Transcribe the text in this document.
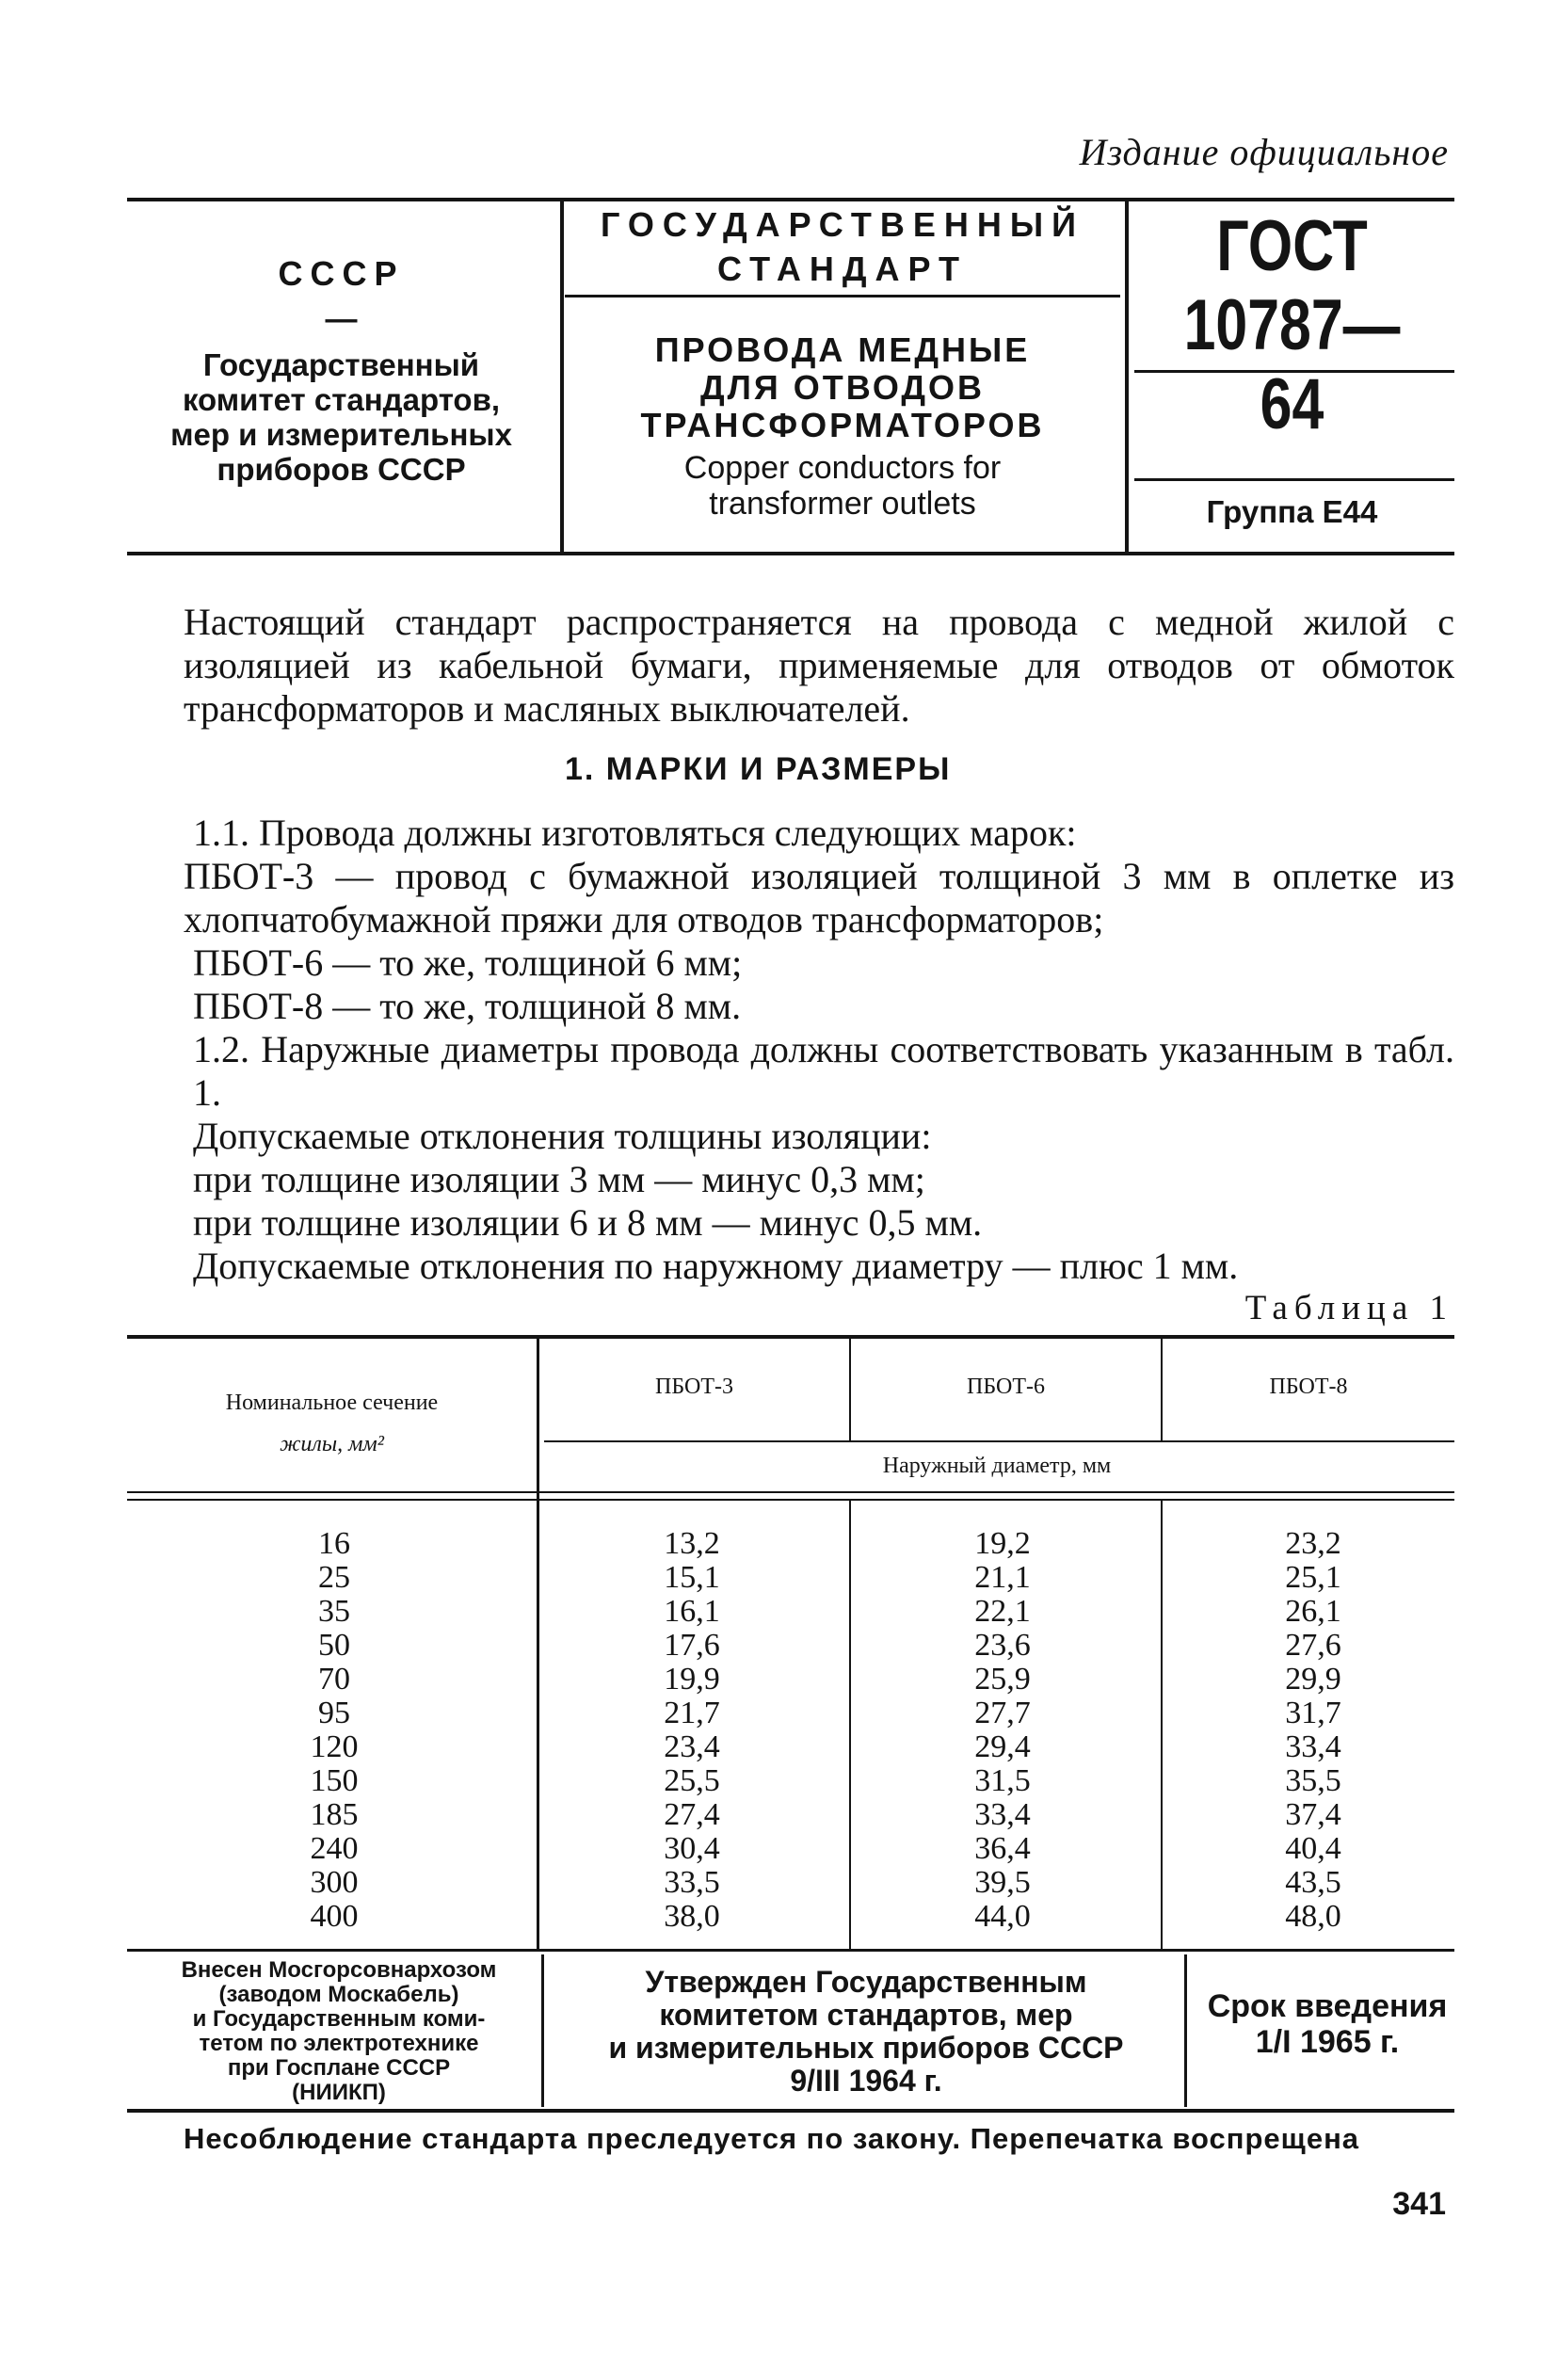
Издание официальное
СССР
—
Государственный
комитет стандартов,
мер и измерительных
приборов СССР
ГОСУДАРСТВЕННЫЙ
СТАНДАРТ
ПРОВОДА МЕДНЫЕ
ДЛЯ ОТВОДОВ
ТРАНСФОРМАТОРОВ
Copper conductors for
transformer outlets
ГОСТ
10787—64
Группа Е44
Настоящий стандарт распространяется на провода с медной жилой с изоляцией из кабельной бумаги, применяемые для отводов от обмоток трансформаторов и масляных выключателей.
1. МАРКИ И РАЗМЕРЫ
1.1. Провода должны изготовляться следующих марок:
ПБОТ-3 — провод с бумажной изоляцией толщиной 3 мм в оплетке из хлопчатобумажной пряжи для отводов трансформаторов;
ПБОТ-6 — то же, толщиной 6 мм;
ПБОТ-8 — то же, толщиной 8 мм.
1.2. Наружные диаметры провода должны соответствовать указанным в табл. 1.
Допускаемые отклонения толщины изоляции:
при толщине изоляции 3 мм — минус 0,3 мм;
при толщине изоляции 6 и 8 мм — минус 0,5 мм.
Допускаемые отклонения по наружному диаметру — плюс 1 мм.
Таблица 1
Номинальное сечение
жилы, мм²
ПБОТ-3	ПБОТ-6	ПБОТ-8
Наружный диаметр, мм
16
25
35
50
70
95
120
150
185
240
300
400
13,2
15,1
16,1
17,6
19,9
21,7
23,4
25,5
27,4
30,4
33,5
38,0
19,2
21,1
22,1
23,6
25,9
27,7
29,4
31,5
33,4
36,4
39,5
44,0
23,2
25,1
26,1
27,6
29,9
31,7
33,4
35,5
37,4
40,4
43,5
48,0
Внесен Мосгорсовнархозом
(заводом Москабель)
и Государственным коми-
тетом по электротехнике
при Госплане СССР
(НИИКП)
Утвержден Государственным
комитетом стандартов, мер
и измерительных приборов СССР
9/III 1964 г.
Срок введения
1/I 1965 г.
Несоблюдение стандарта преследуется по закону. Перепечатка воспрещена
341
